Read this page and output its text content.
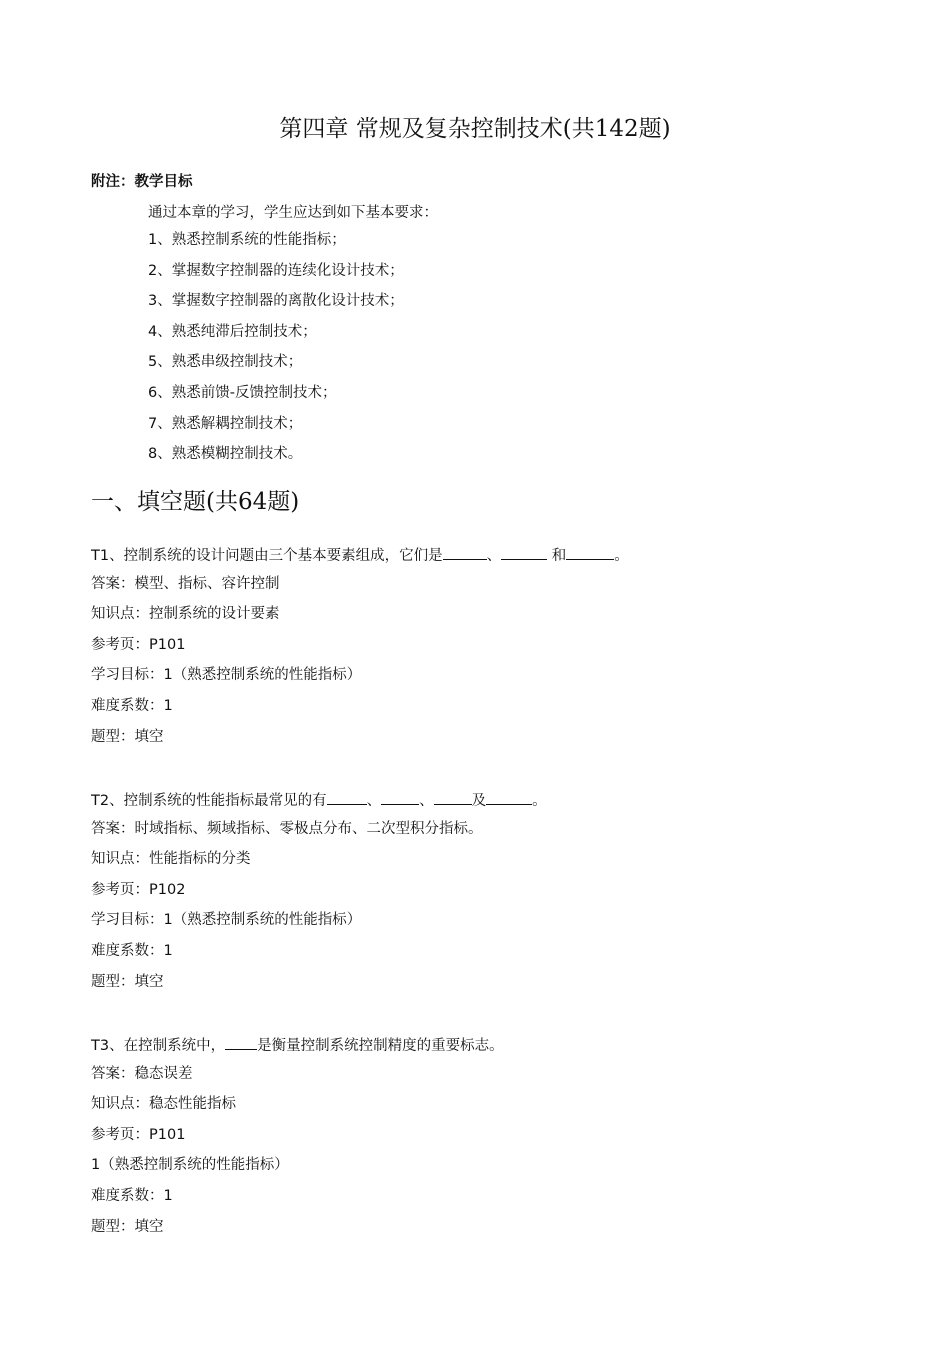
第四章 常规及复杂控制技术(共142题)
附注：教学目标
通过本章的学习，学生应达到如下基本要求：
1、熟悉控制系统的性能指标；
2、掌握数字控制器的连续化设计技术；
3、掌握数字控制器的离散化设计技术；
4、熟悉纯滞后控制技术；
5、熟悉串级控制技术；
6、熟悉前馈-反馈控制技术；
7、熟悉解耦控制技术；
8、熟悉模糊控制技术。
一、填空题(共64题)
T1、控制系统的设计问题由三个基本要素组成，它们是	、	和	。
答案：模型、指标、容许控制
知识点：控制系统的设计要素
参考页：P101
学习目标：1（熟悉控制系统的性能指标）
难度系数：1
题型：填空
T2、控制系统的性能指标最常见的有	、	、	及	。
答案：时域指标、频域指标、零极点分布、二次型积分指标。
知识点：性能指标的分类
参考页：P102
学习目标：1（熟悉控制系统的性能指标）
难度系数：1
题型：填空
T3、在控制系统中， 是衡量控制系统控制精度的重要标志。
答案：稳态误差
知识点：稳态性能指标
参考页：P101
1（熟悉控制系统的性能指标）
难度系数：1
题型：填空
